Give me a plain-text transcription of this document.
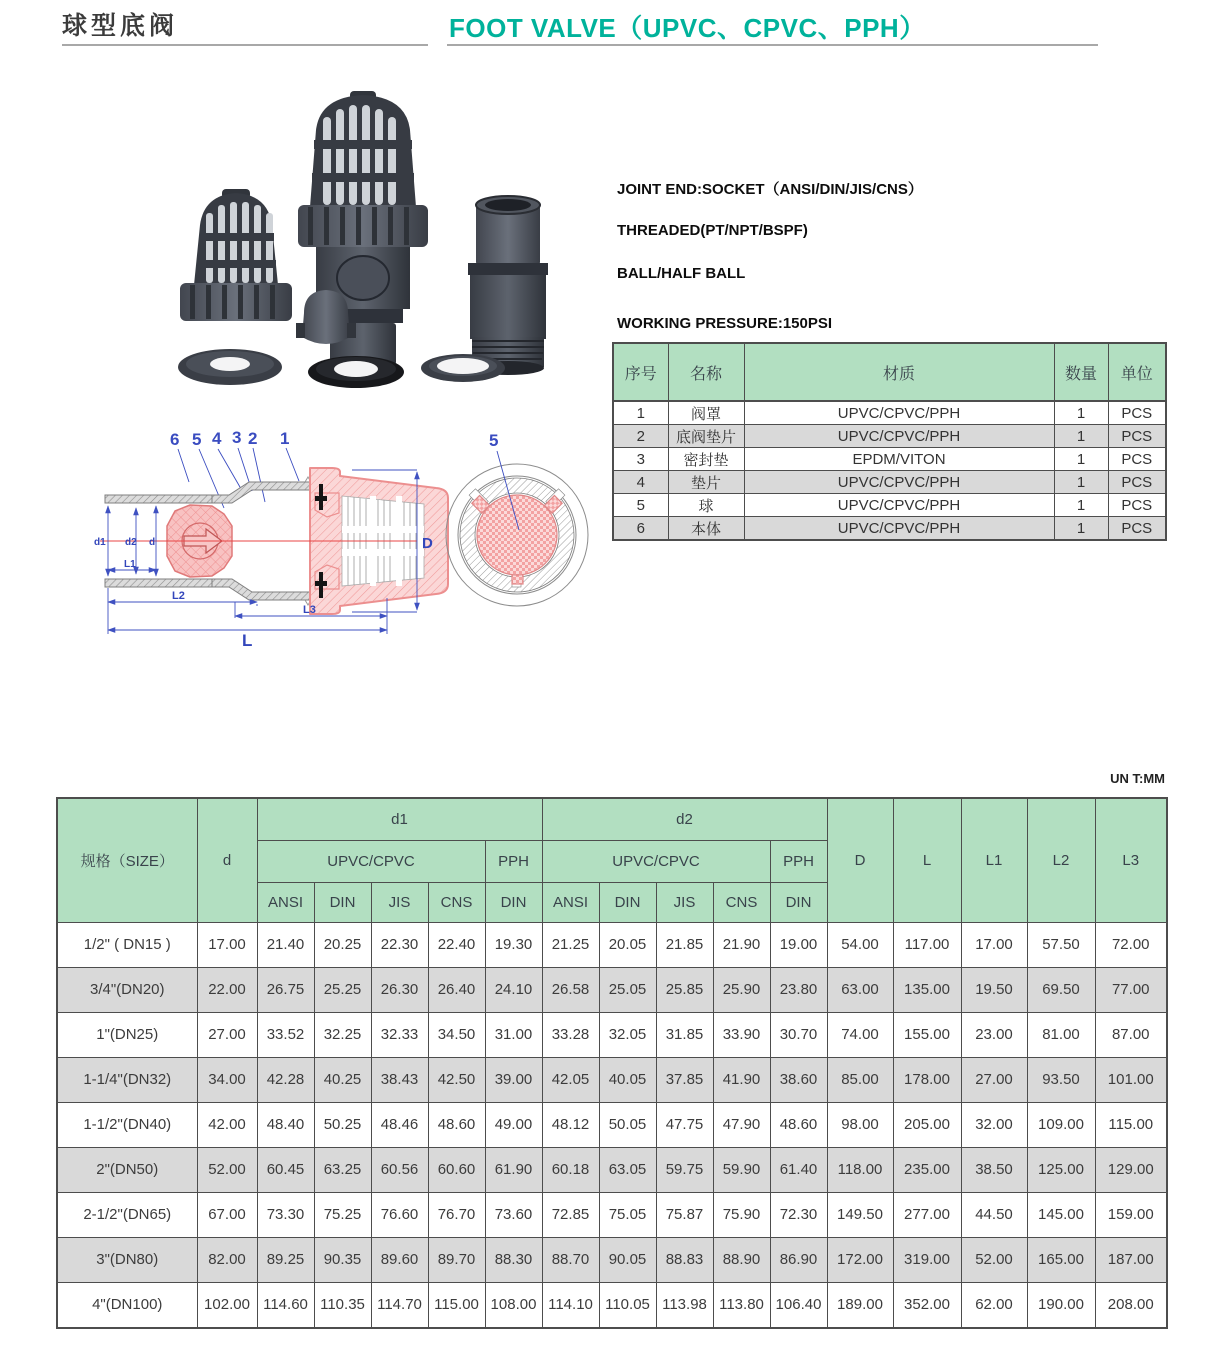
球型底阀	FOOT VALVE（UPVC、CPVC、PPH）
6 5 4 3 2 1
d1 d2 d
L1
L2
L3
L
D
5
JOINT END:SOCKET（ANSI/DIN/JIS/CNS）
THREADED(PT/NPT/BSPF)
BALL/HALF BALL
WORKING PRESSURE:150PSI
序号	名称	材质	数量	单位
1	阀罩	UPVC/CPVC/PPH	1	PCS
2	底阀垫片	UPVC/CPVC/PPH	1	PCS
3	密封垫	EPDM/VITON	1	PCS
4	垫片	UPVC/CPVC/PPH	1	PCS
5	球	UPVC/CPVC/PPH	1	PCS
6	本体	UPVC/CPVC/PPH	1	PCS
UN T:MM
规格（SIZE）	d	d1					d2					D	L	L1	L2	L3
		UPVC/CPVC				PPH	UPVC/CPVC				PPH					
		ANSI	DIN	JIS	CNS	DIN	ANSI	DIN	JIS	CNS	DIN					
1/2" ( DN15 )	17.00	21.40	20.25	22.30	22.40	19.30	21.25	20.05	21.85	21.90	19.00	54.00	117.00	17.00	57.50	72.00
3/4"(DN20)	22.00	26.75	25.25	26.30	26.40	24.10	26.58	25.05	25.85	25.90	23.80	63.00	135.00	19.50	69.50	77.00
1"(DN25)	27.00	33.52	32.25	32.33	34.50	31.00	33.28	32.05	31.85	33.90	30.70	74.00	155.00	23.00	81.00	87.00
1-1/4"(DN32)	34.00	42.28	40.25	38.43	42.50	39.00	42.05	40.05	37.85	41.90	38.60	85.00	178.00	27.00	93.50	101.00
1-1/2"(DN40)	42.00	48.40	50.25	48.46	48.60	49.00	48.12	50.05	47.75	47.90	48.60	98.00	205.00	32.00	109.00	115.00
2"(DN50)	52.00	60.45	63.25	60.56	60.60	61.90	60.18	63.05	59.75	59.90	61.40	118.00	235.00	38.50	125.00	129.00
2-1/2"(DN65)	67.00	73.30	75.25	76.60	76.70	73.60	72.85	75.05	75.87	75.90	72.30	149.50	277.00	44.50	145.00	159.00
3"(DN80)	82.00	89.25	90.35	89.60	89.70	88.30	88.70	90.05	88.83	88.90	86.90	172.00	319.00	52.00	165.00	187.00
4"(DN100)	102.00	114.60	110.35	114.70	115.00	108.00	114.10	110.05	113.98	113.80	106.40	189.00	352.00	62.00	190.00	208.00
